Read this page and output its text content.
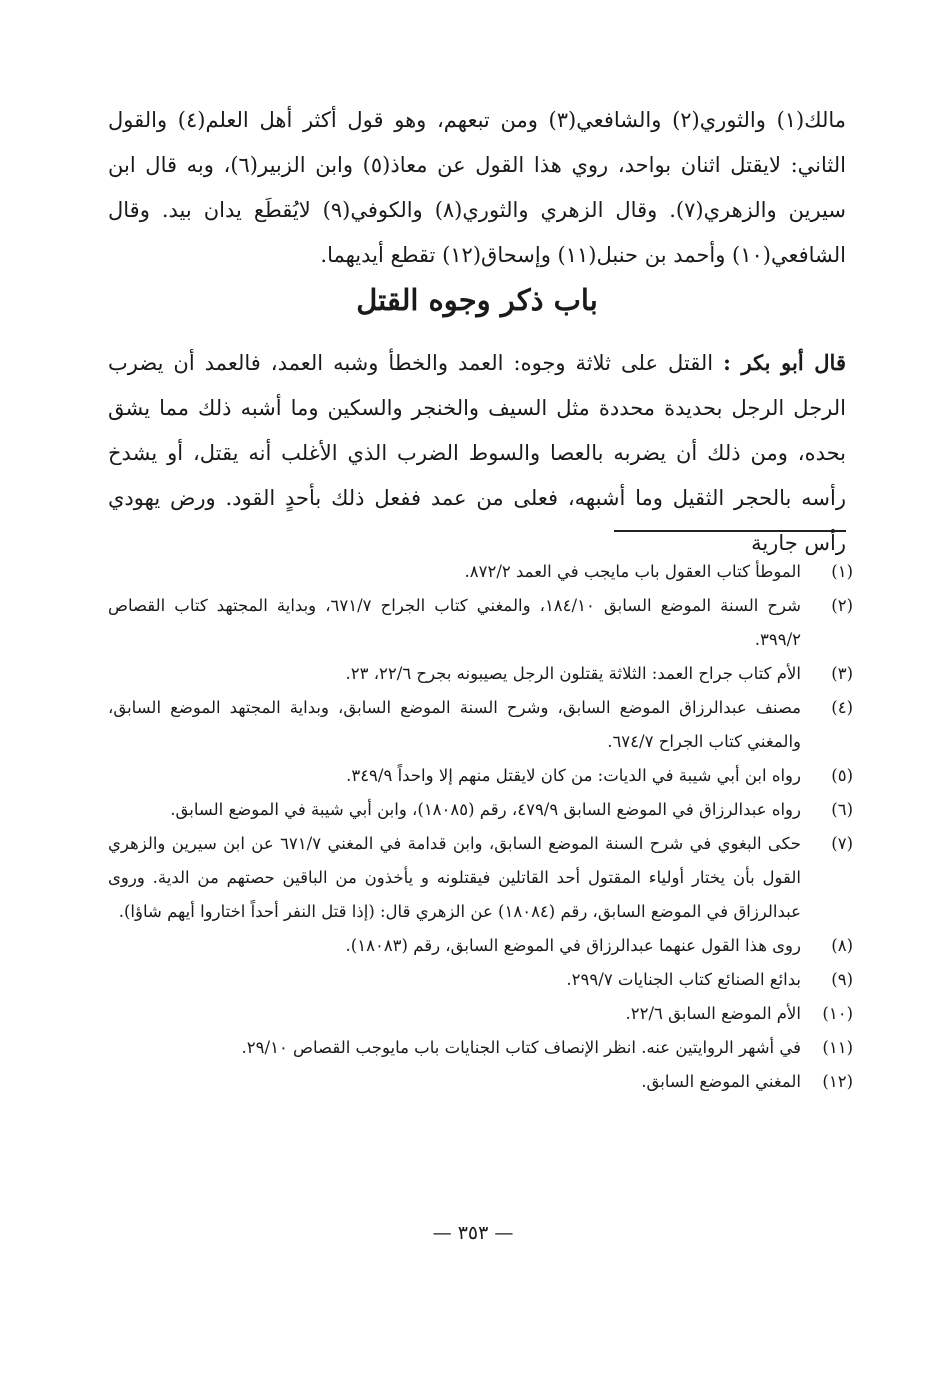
مالك(١) والثوري(٢) والشافعي(٣) ومن تبعهم، وهو قول أكثر أهل العلم(٤) والقول الثاني: لايقتل اثنان بواحد، روي هذا القول عن معاذ(٥) وابن الزبير(٦)، وبه قال ابن سيرين والزهري(٧). وقال الزهري والثوري(٨) والكوفي(٩) لايُقطَع يدان بيد. وقال الشافعي(١٠) وأحمد بن حنبل(١١) وإسحاق(١٢) تقطع أيديهما.
باب ذكر وجوه القتل
قال أبو بكر : القتل على ثلاثة وجوه: العمد والخطأ وشبه العمد، فالعمد أن يضرب الرجل الرجل بحديدة محددة مثل السيف والخنجر والسكين وما أشبه ذلك مما يشق بحده، ومن ذلك أن يضربه بالعصا والسوط الضرب الذي الأغلب أنه يقتل، أو يشدخ رأسه بالحجر الثقيل وما أشبهه، فعلى من عمد ففعل ذلك بأحدٍ القود. ورض يهودي رأس جارية
(١)
الموطأ كتاب العقول باب مايجب في العمد ٨٧٢/٢.
(٢)
شرح السنة الموضع السابق ١٨٤/١٠، والمغني كتاب الجراح ٦٧١/٧، وبداية المجتهد كتاب القصاص ٣٩٩/٢.
(٣)
الأم كتاب جراح العمد: الثلاثة يقتلون الرجل يصيبونه بجرح ٢٢/٦، ٢٣.
(٤)
مصنف عبدالرزاق الموضع السابق، وشرح السنة الموضع السابق، وبداية المجتهد الموضع السابق، والمغني كتاب الجراح ٦٧٤/٧.
(٥)
رواه ابن أبي شيبة في الديات: من كان لايقتل منهم إلا واحداً ٣٤٩/٩.
(٦)
رواه عبدالرزاق في الموضع السابق ٤٧٩/٩، رقم (١٨٠٨٥)، وابن أبي شيبة في الموضع السابق.
(٧)
حكى البغوي في شرح السنة الموضع السابق، وابن قدامة في المغني ٦٧١/٧ عن ابن سيرين والزهري القول بأن يختار أولياء المقتول أحد القاتلين فيقتلونه و يأخذون من الباقين حصتهم من الدية. وروى عبدالرزاق في الموضع السابق، رقم (١٨٠٨٤) عن الزهري قال: (إذا قتل النفر أحداً اختاروا أيهم شاؤا).
(٨)
روى هذا القول عنهما عبدالرزاق في الموضع السابق، رقم (١٨٠٨٣).
(٩)
بدائع الصنائع كتاب الجنايات ٢٩٩/٧.
(١٠)
الأم الموضع السابق ٢٢/٦.
(١١)
في أشهر الروايتين عنه. انظر الإنصاف كتاب الجنايات باب مايوجب القصاص ٢٩/١٠.
(١٢)
المغني الموضع السابق.
— ٣٥٣ —
